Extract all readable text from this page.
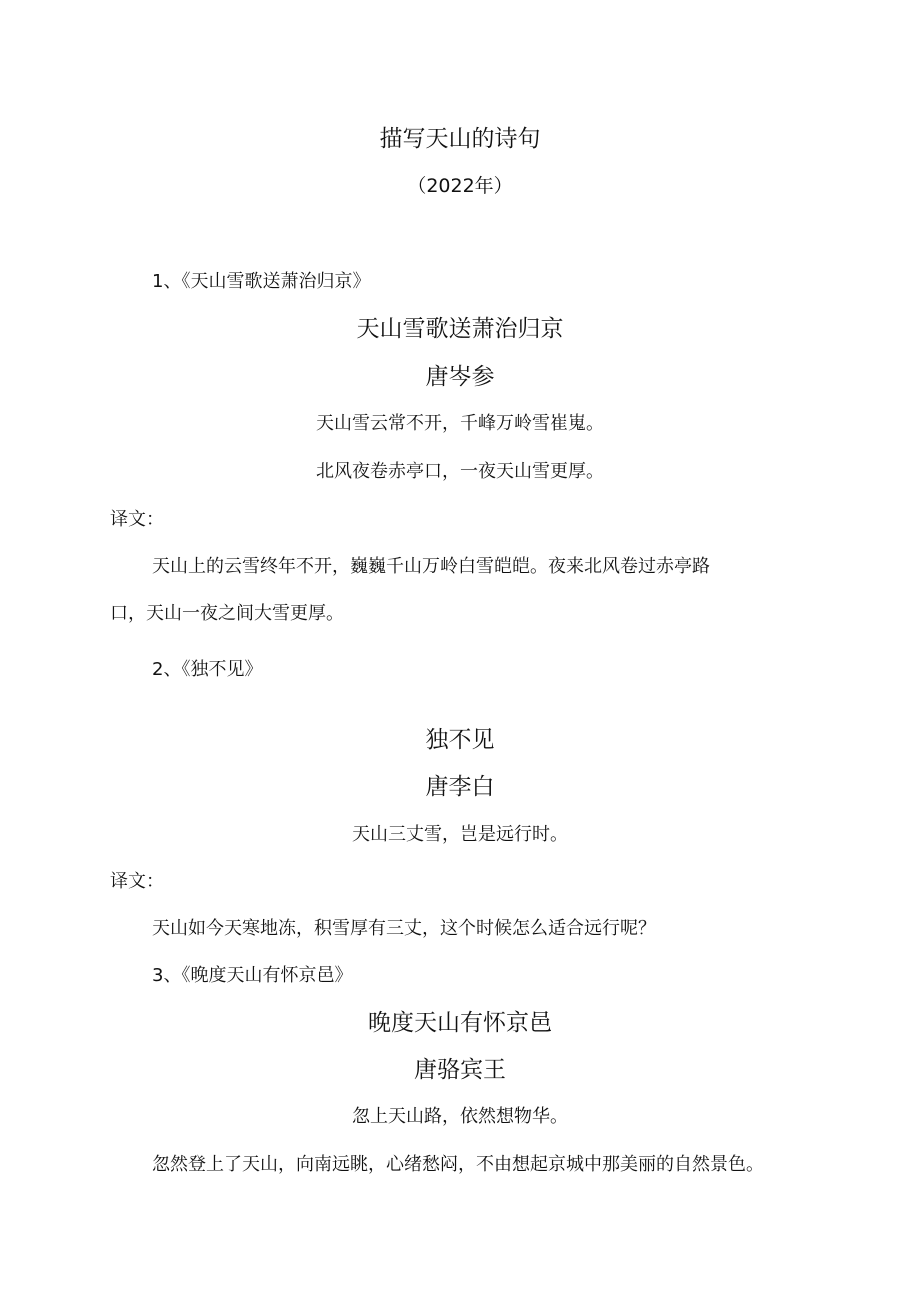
描写天山的诗句
（2022年）
1、《天山雪歌送萧治归京》
天山雪歌送萧治归京
唐岑参
天山雪云常不开，千峰万岭雪崔嵬。
北风夜卷赤亭口，一夜天山雪更厚。
译文：
天山上的云雪终年不开，巍巍千山万岭白雪皑皑。夜来北风卷过赤亭路
口，天山一夜之间大雪更厚。
2、《独不见》
独不见
唐李白
天山三丈雪，岂是远行时。
译文：
天山如今天寒地冻，积雪厚有三丈，这个时候怎么适合远行呢？
3、《晚度天山有怀京邑》
晚度天山有怀京邑
唐骆宾王
忽上天山路，依然想物华。
忽然登上了天山，向南远眺，心绪愁闷，不由想起京城中那美丽的自然景色。
